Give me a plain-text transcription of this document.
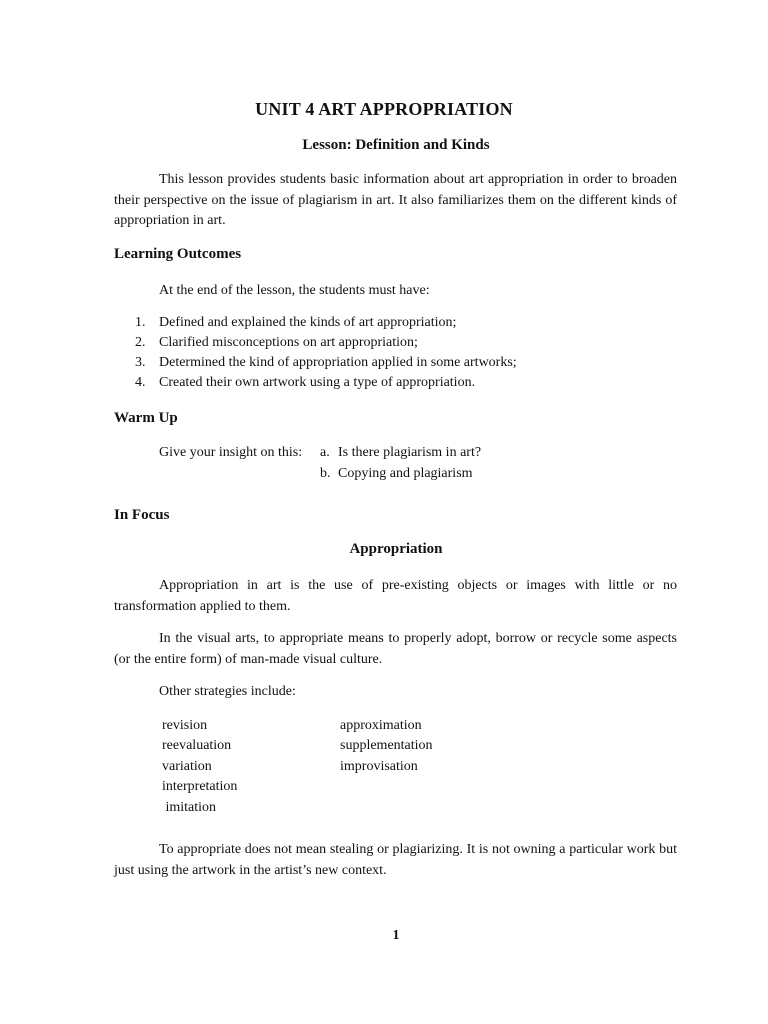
UNIT 4 ART APPROPRIATION
Lesson: Definition and Kinds
This lesson provides students basic information about art appropriation in order to broaden their perspective on the issue of plagiarism in art. It also familiarizes them on the different kinds of appropriation in art.
Learning Outcomes
At the end of the lesson, the students must have:
1. Defined and explained the kinds of art appropriation;
2. Clarified misconceptions on art appropriation;
3. Determined the kind of appropriation applied in some artworks;
4. Created their own artwork using a type of appropriation.
Warm Up
Give your insight on this: a. Is there plagiarism in art?
b. Copying and plagiarism
In Focus
Appropriation
Appropriation in art is the use of pre-existing objects or images with little or no transformation applied to them.
In the visual arts, to appropriate means to properly adopt, borrow or recycle some aspects (or the entire form) of man-made visual culture.
Other strategies include:
revision
reevaluation
variation
interpretation
imitation
approximation
supplementation
improvisation
To appropriate does not mean stealing or plagiarizing. It is not owning a particular work but just using the artwork in the artist’s new context.
1
